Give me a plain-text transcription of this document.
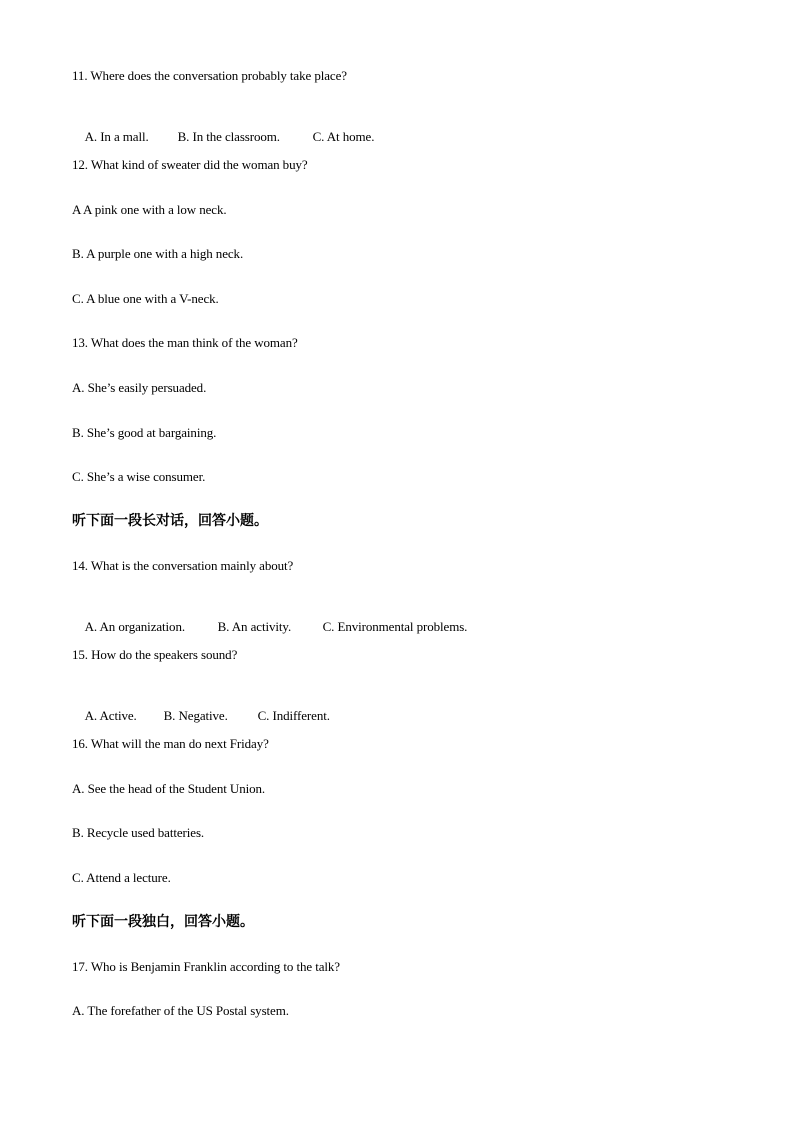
11. Where does the conversation probably take place?

A. In a mall. B. In the classroom.	C. At home.

12. What kind of sweater did the woman buy?
A A pink one with a low neck.
B. A purple one with a high neck.
C. A blue one with a V-neck.
13. What does the man think of the woman?
A. She’s easily persuaded.
B. She’s good at bargaining.
C. She’s a wise consumer.
听下面一段长对话，回答小题。
14. What is the conversation mainly about?

A. An organization.	B. An activity. C. Environmental problems.

15. How do the speakers sound?

A. Active. B. Negative. C. Indifferent.

16. What will the man do next Friday?
A. See the head of the Student Union.
B. Recycle used batteries.
C. Attend a lecture.
听下面一段独白，回答小题。
17. Who is Benjamin Franklin according to the talk?
A. The forefather of the US Postal system.
